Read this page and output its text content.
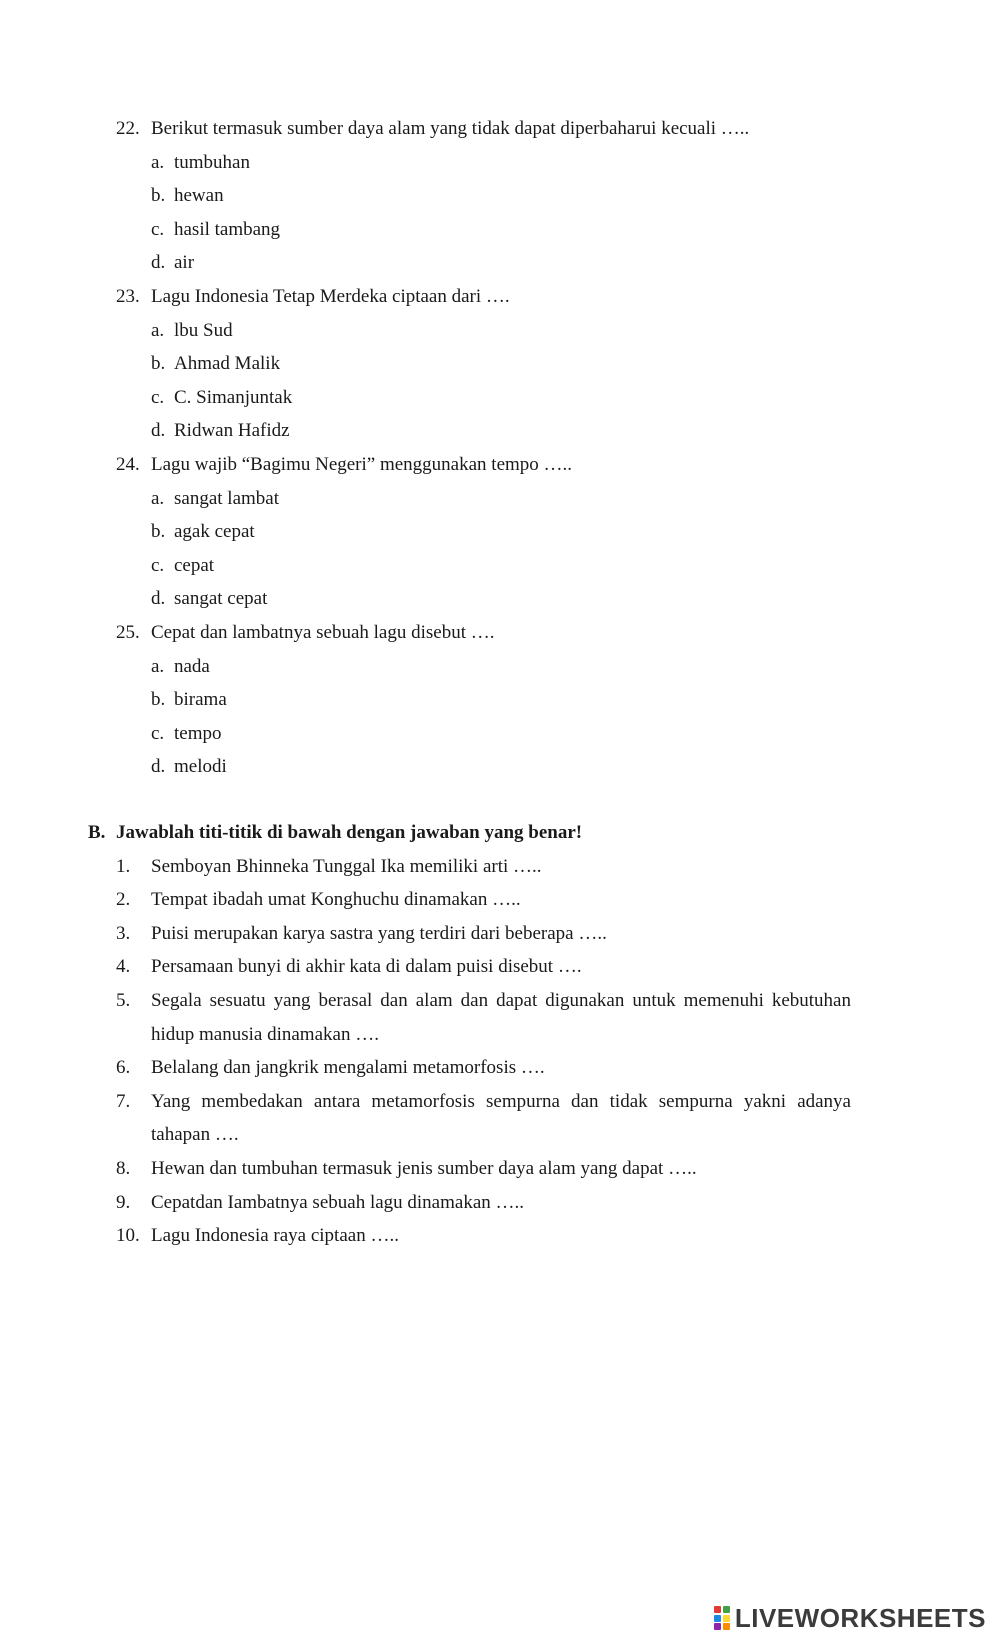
22. Berikut termasuk sumber daya alam yang tidak dapat diperbaharui kecuali …..
a. tumbuhan
b. hewan
c. hasil tambang
d. air
23. Lagu Indonesia Tetap Merdeka ciptaan dari ….
a. lbu Sud
b. Ahmad Malik
c. C. Simanjuntak
d. Ridwan Hafidz
24. Lagu wajib “Bagimu Negeri” menggunakan tempo …..
a. sangat lambat
b. agak cepat
c. cepat
d. sangat cepat
25. Cepat dan lambatnya sebuah lagu disebut ….
a. nada
b. birama
c. tempo
d. melodi
B. Jawablah titi-titik di bawah dengan jawaban yang benar!
1.	Semboyan Bhinneka Tunggal Ika memiliki arti …..
2.	Tempat ibadah umat Konghuchu dinamakan …..
3.	Puisi merupakan karya sastra yang terdiri dari beberapa …..
4.	Persamaan bunyi di akhir kata di dalam puisi disebut ….
5.	Segala sesuatu yang berasal dan alam dan dapat digunakan untuk memenuhi kebutuhan hidup manusia dinamakan ….
6.	Belalang dan jangkrik mengalami metamorfosis ….
7.	Yang membedakan antara metamorfosis sempurna dan tidak sempurna yakni adanya tahapan ….
8.	Hewan dan tumbuhan termasuk jenis sumber daya alam yang dapat …..
9.	Cepatdan Iambatnya sebuah lagu dinamakan …..
10. Lagu Indonesia raya ciptaan …..
LIVEWORKSHEETS
